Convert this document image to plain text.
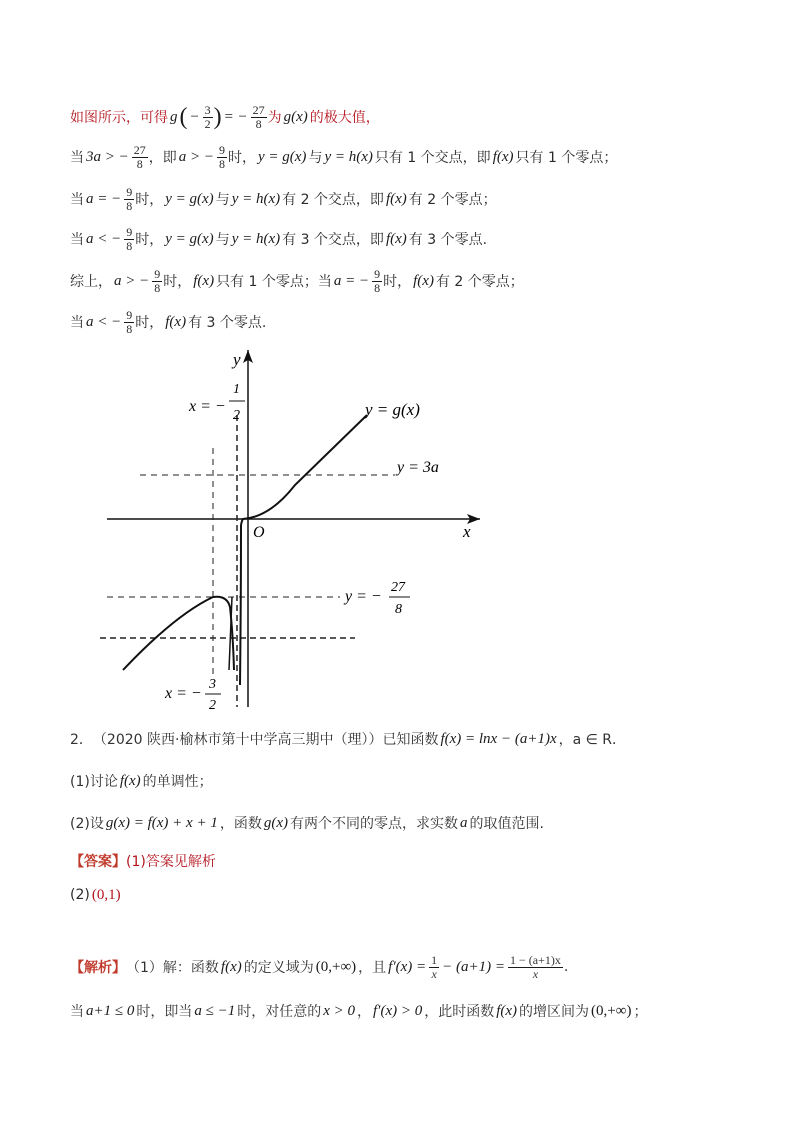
如图所示，可得 g ( − $\frac{3}{2}$ ) = − $\frac{27}{8}$ 为 g(x) 的极大值，
当 3a > − $\frac{27}{8}$ ，即 a > − $\frac{9}{8}$ 时， y = g(x) 与 y = h(x) 只有 1 个交点，即 f(x) 只有 1 个零点；
当 a = − $\frac{9}{8}$ 时， y = g(x) 与 y = h(x) 有 2 个交点，即 f(x) 有 2 个零点；
当 a < − $\frac{9}{8}$ 时， y = g(x) 与 y = h(x) 有 3 个交点，即 f(x) 有 3 个零点.
综上， a > − $\frac{9}{8}$ 时， f(x) 只有 1 个零点；当 a = − $\frac{9}{8}$ 时， f(x) 有 2 个零点；
当 a < − $\frac{9}{8}$ 时， f(x) 有 3 个零点.
y
x
O
x = −
1
2	y = g(x)
y = 3a
y = −
27
8
x = −
3
2
2． （2020 陕西·榆林市第十中学高三期中（理））已知函数 f(x) = lnx − (a+1)x ，a ∈ R．
(1)讨论 f(x) 的单调性；
(2)设 g(x) = f(x) + x + 1 ，函数 g(x) 有两个不同的零点，求实数 a 的取值范围.
【答案】 (1)答案见解析
(2) (0,1)
【解析】 （1）解：函数 f(x) 的定义域为 (0,+∞) ，且 $f'(x) = \frac{1}{x} - (a+1) = \frac{1 - (a+1)x}{x}$ .
当 a+1 ≤ 0 时，即当 a ≤ −1 时，对任意的 x > 0 ， f′(x) > 0 ，此时函数 f(x) 的增区间为 (0,+∞) ；
